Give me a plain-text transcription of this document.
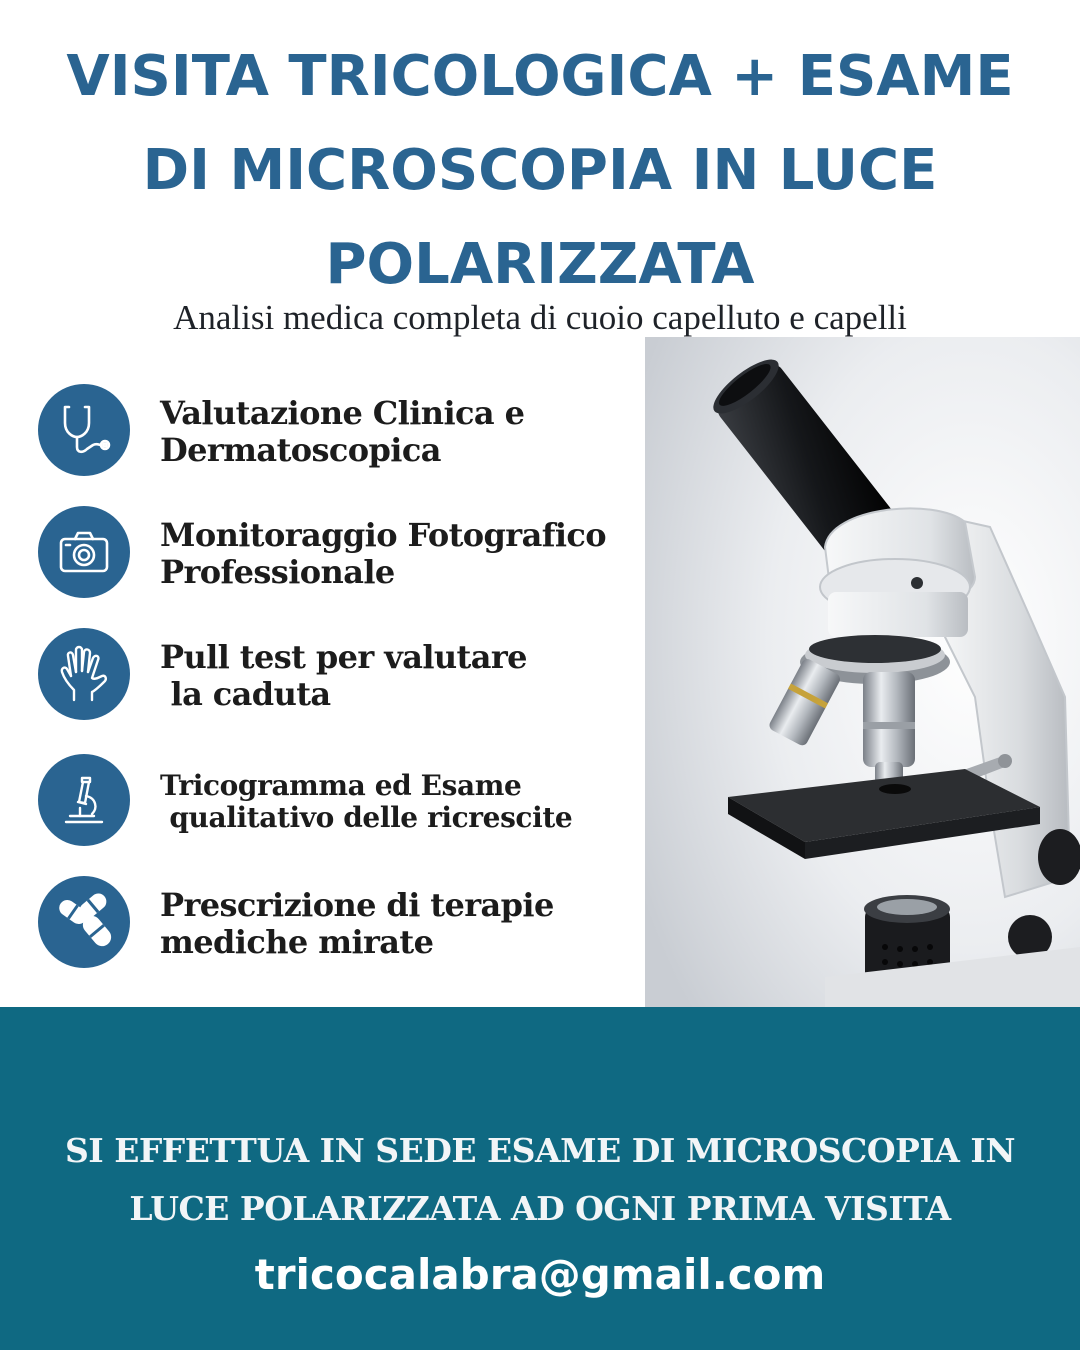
VISITA TRICOLOGICA + ESAME
DI MICROSCOPIA IN LUCE
POLARIZZATA

Analisi medica completa di cuoio capelluto e capelli

Valutazione Clinica e
Dermatoscopica

Monitoraggio Fotografico
Professionale

Pull test per valutare
la caduta

Tricogramma ed Esame
qualitativo delle ricrescite

Prescrizione di terapie
mediche mirate

SI EFFETTUA IN SEDE ESAME DI MICROSCOPIA IN
LUCE POLARIZZATA AD OGNI PRIMA VISITA

tricocalabra@gmail.com
